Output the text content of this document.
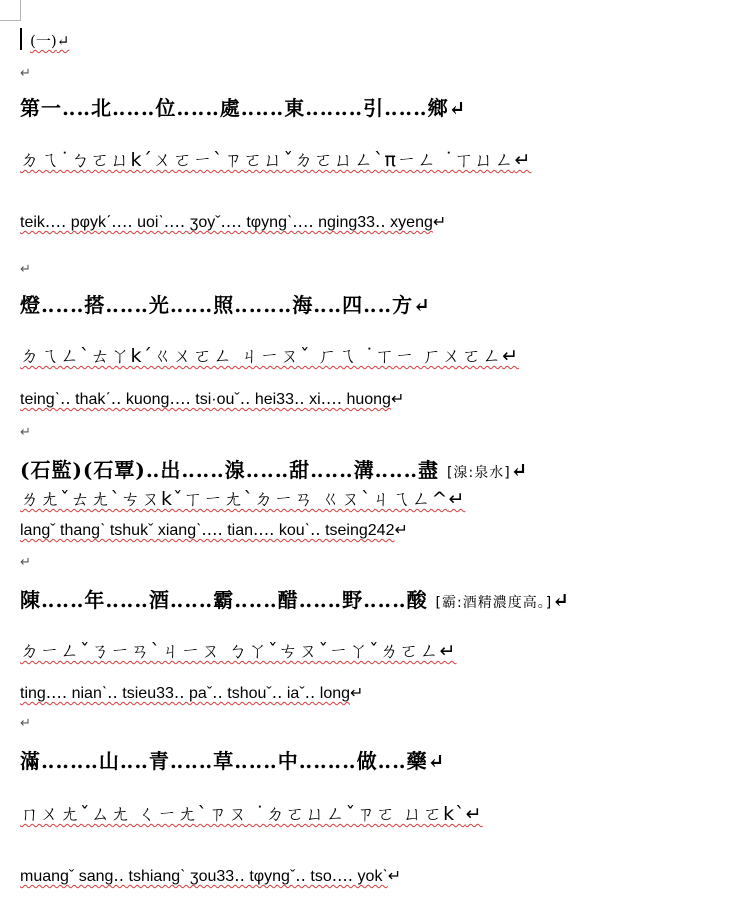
(一)↵
↵
第一‥‥北‥‥‥位‥‥‥處‥‥‥東‥‥‥‥引‥‥‥鄉↵
ㄉㄟ˙ㄅㄛㄩkˊㄨㄛㄧˋㄗㄛㄩˇㄉㄛㄩㄥˋπㄧㄥ ˙ㄒㄩㄥ↵
teik‥‥ pφykˊ‥‥ uoiˋ‥‥ ʒoyˇ‥‥ tφyngˋ‥‥ nging33‥ xyeng↵
↵
燈‥‥‥搭‥‥‥光‥‥‥照‥‥‥‥海‥‥四‥‥方↵
ㄉㄟㄥˋㄊㄚkˊㄍㄨㄛㄥ ㄐㄧㄡˇ ㄏㄟ ˙ㄒㄧ ㄏㄨㄛㄥ↵
teingˋ‥ thakˊ‥ kuong‥‥ tsi·ouˇ‥ hei33‥ xi‥‥ huong↵
↵
(石監)(石覃)‥出‥‥‥湶‥‥‥甜‥‥‥溝‥‥‥盡 [湶:泉水]↵
ㄌㄤˇㄊㄤˋㄘㄡkˇㄒㄧㄤˋㄉㄧㄢ ㄍㄡˋㄐㄟㄥ^↵
langˇ thangˋ tshukˇ xiangˋ‥‥ tian‥‥ kouˋ‥ tseing242↵
↵
陳‥‥‥年‥‥‥酒‥‥‥霸‥‥‥醋‥‥‥野‥‥‥酸 [霸:酒精濃度高。]↵
ㄉㄧㄥˇㄋㄧㄢˋㄐㄧㄡ ㄅㄚˇㄘㄡˇㄧㄚˇㄌㄛㄥ↵
ting‥‥ nianˋ‥ tsieu33‥ paˇ‥ tshouˇ‥ iaˇ‥ long↵
↵
滿‥‥‥‥山‥‥青‥‥‥草‥‥‥中‥‥‥‥做‥‥藥↵
ㄇㄨㄤˇㄙㄤ ㄑㄧㄤˋㄗㄡ ˙ㄉㄛㄩㄥˇㄗㄛ ㄩㄛkˋ↵
muangˇ sang‥ tshiangˋ ʒou33‥ tφyngˇ‥ tso‥‥ yokˋ↵
